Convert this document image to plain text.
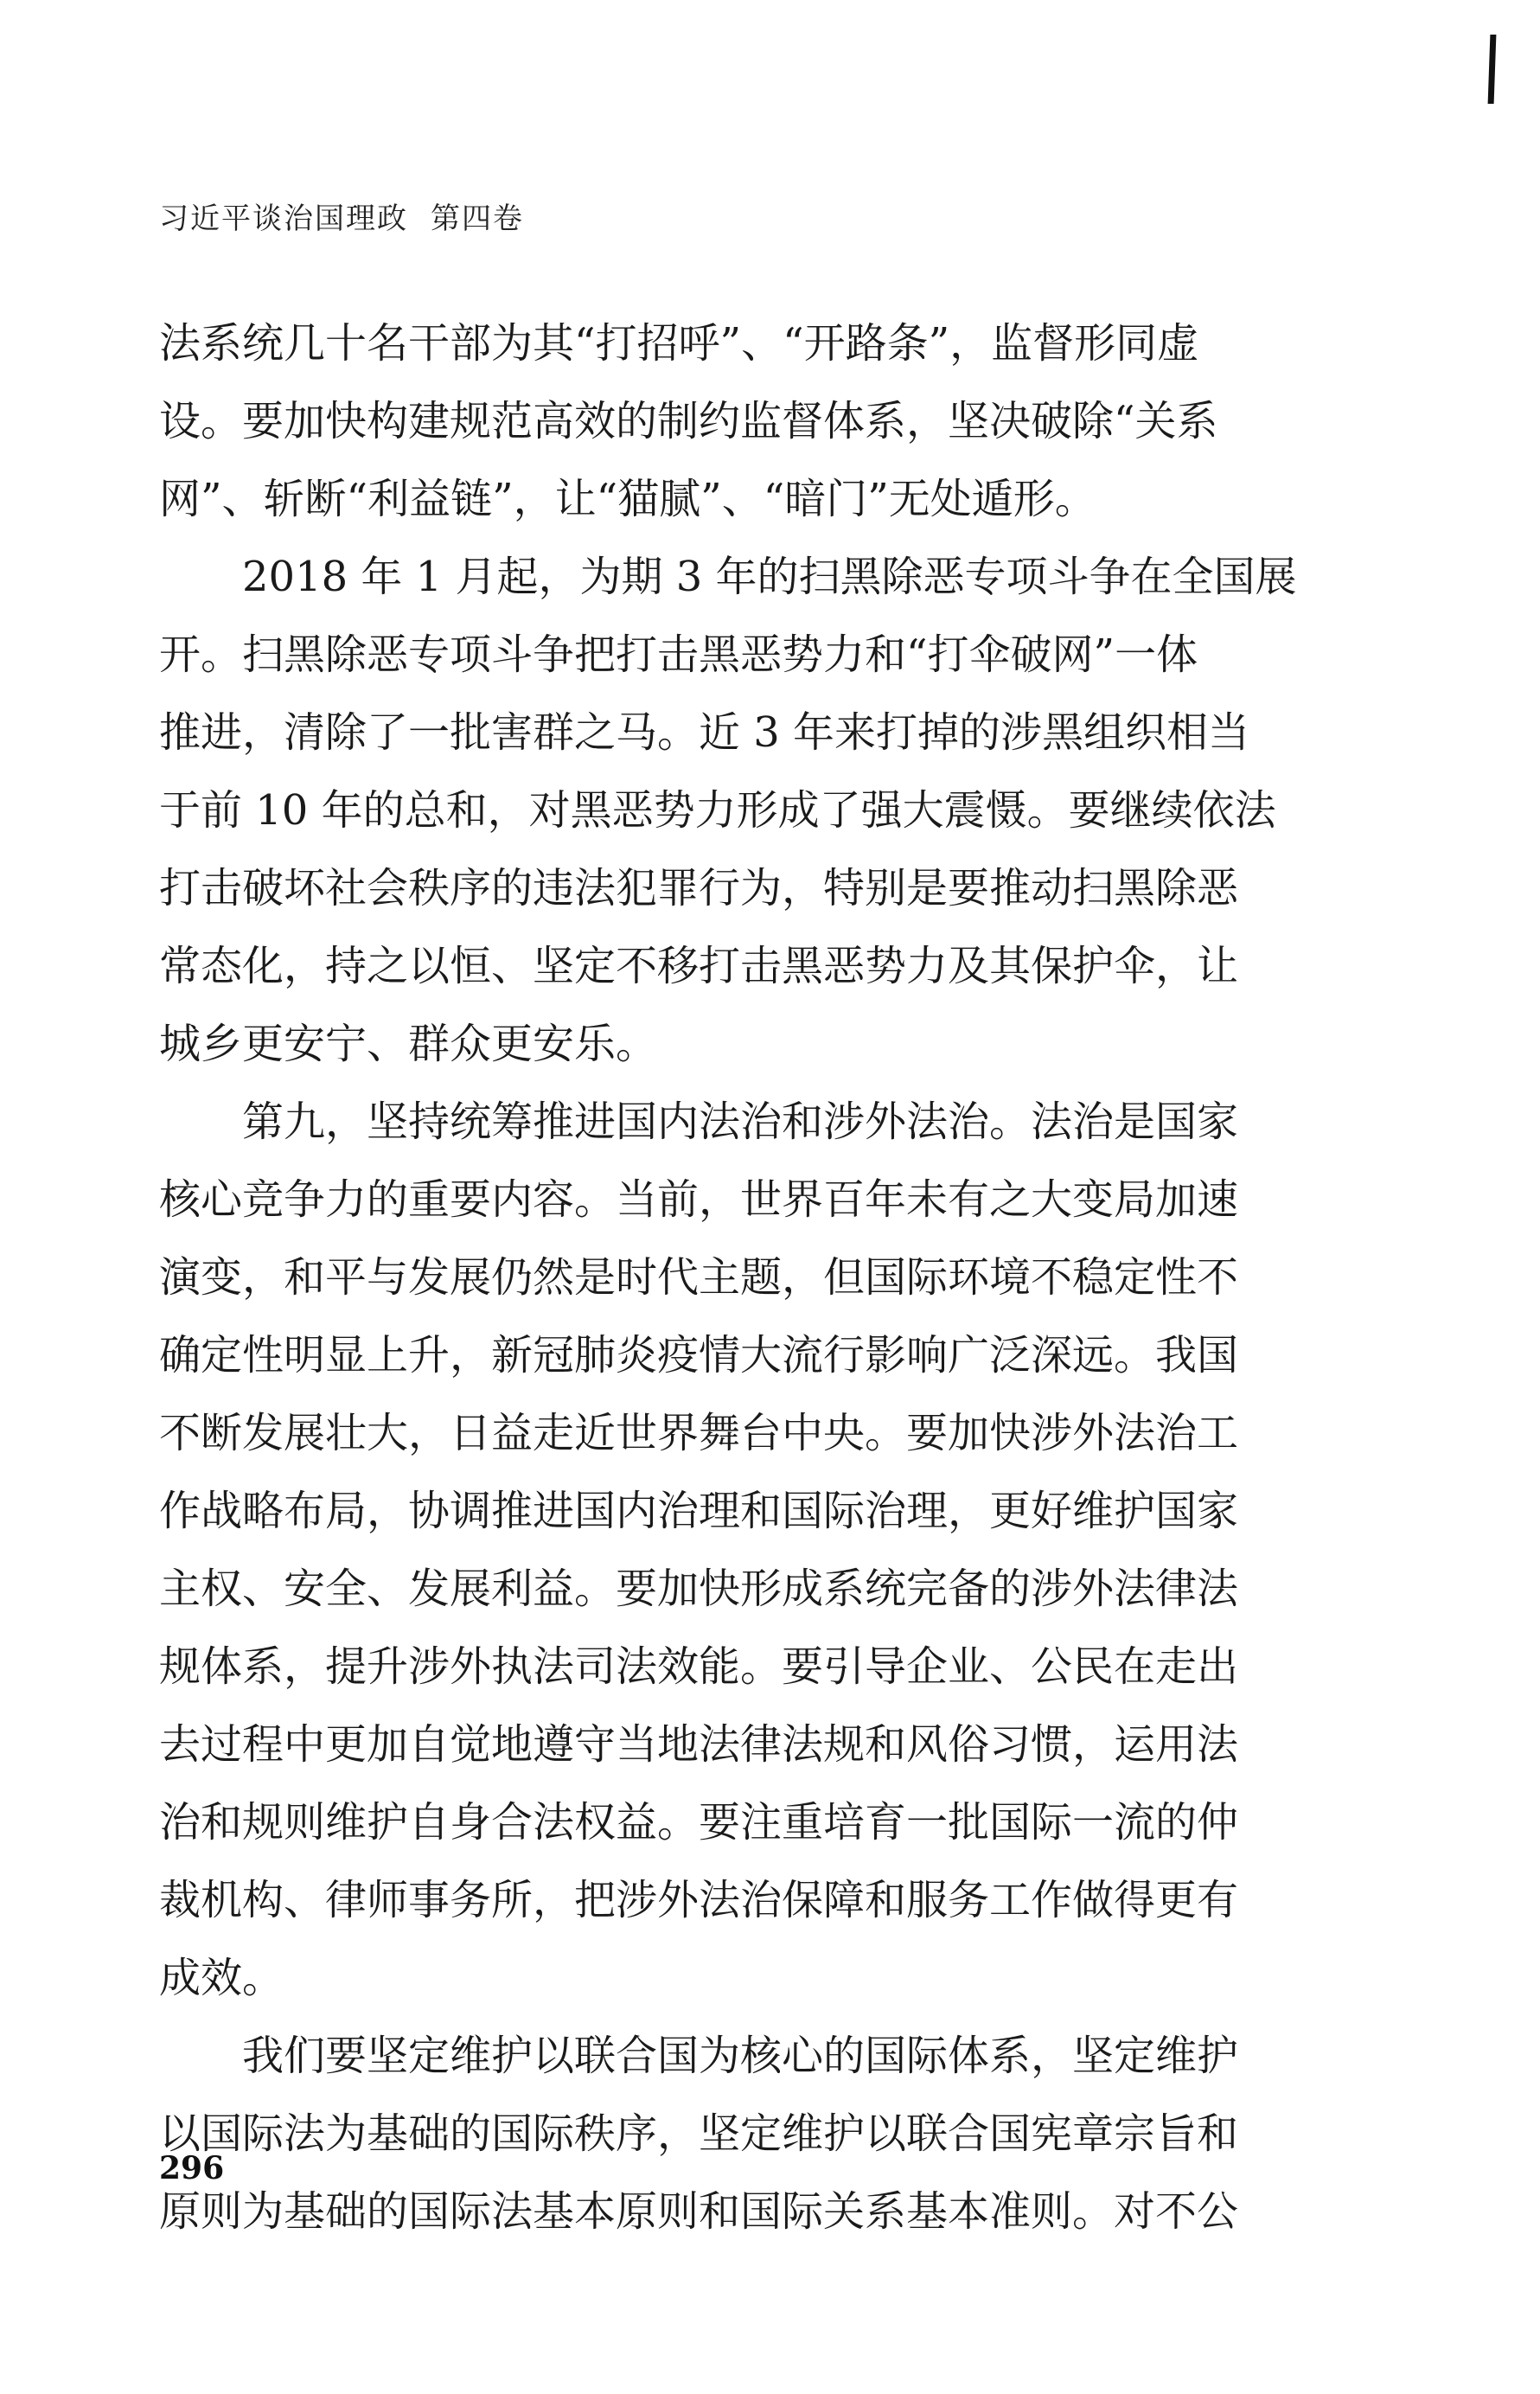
习近平谈治国理政 第四卷
法系统几十名干部为其“打招呼”、“开路条”，监督形同虚
设。要加快构建规范高效的制约监督体系，坚决破除“关系
网”、斩断“利益链”，让“猫腻”、“暗门”无处遁形。
　　2018 年 1 月起，为期 3 年的扫黑除恶专项斗争在全国展
开。扫黑除恶专项斗争把打击黑恶势力和“打伞破网”一体
推进，清除了一批害群之马。近 3 年来打掉的涉黑组织相当
于前 10 年的总和，对黑恶势力形成了强大震慑。要继续依法
打击破坏社会秩序的违法犯罪行为，特别是要推动扫黑除恶
常态化，持之以恒、坚定不移打击黑恶势力及其保护伞，让
城乡更安宁、群众更安乐。
　　第九，坚持统筹推进国内法治和涉外法治。法治是国家
核心竞争力的重要内容。当前，世界百年未有之大变局加速
演变，和平与发展仍然是时代主题，但国际环境不稳定性不
确定性明显上升，新冠肺炎疫情大流行影响广泛深远。我国
不断发展壮大，日益走近世界舞台中央。要加快涉外法治工
作战略布局，协调推进国内治理和国际治理，更好维护国家
主权、安全、发展利益。要加快形成系统完备的涉外法律法
规体系，提升涉外执法司法效能。要引导企业、公民在走出
去过程中更加自觉地遵守当地法律法规和风俗习惯，运用法
治和规则维护自身合法权益。要注重培育一批国际一流的仲
裁机构、律师事务所，把涉外法治保障和服务工作做得更有
成效。
　　我们要坚定维护以联合国为核心的国际体系，坚定维护
以国际法为基础的国际秩序，坚定维护以联合国宪章宗旨和
原则为基础的国际法基本原则和国际关系基本准则。对不公
296
